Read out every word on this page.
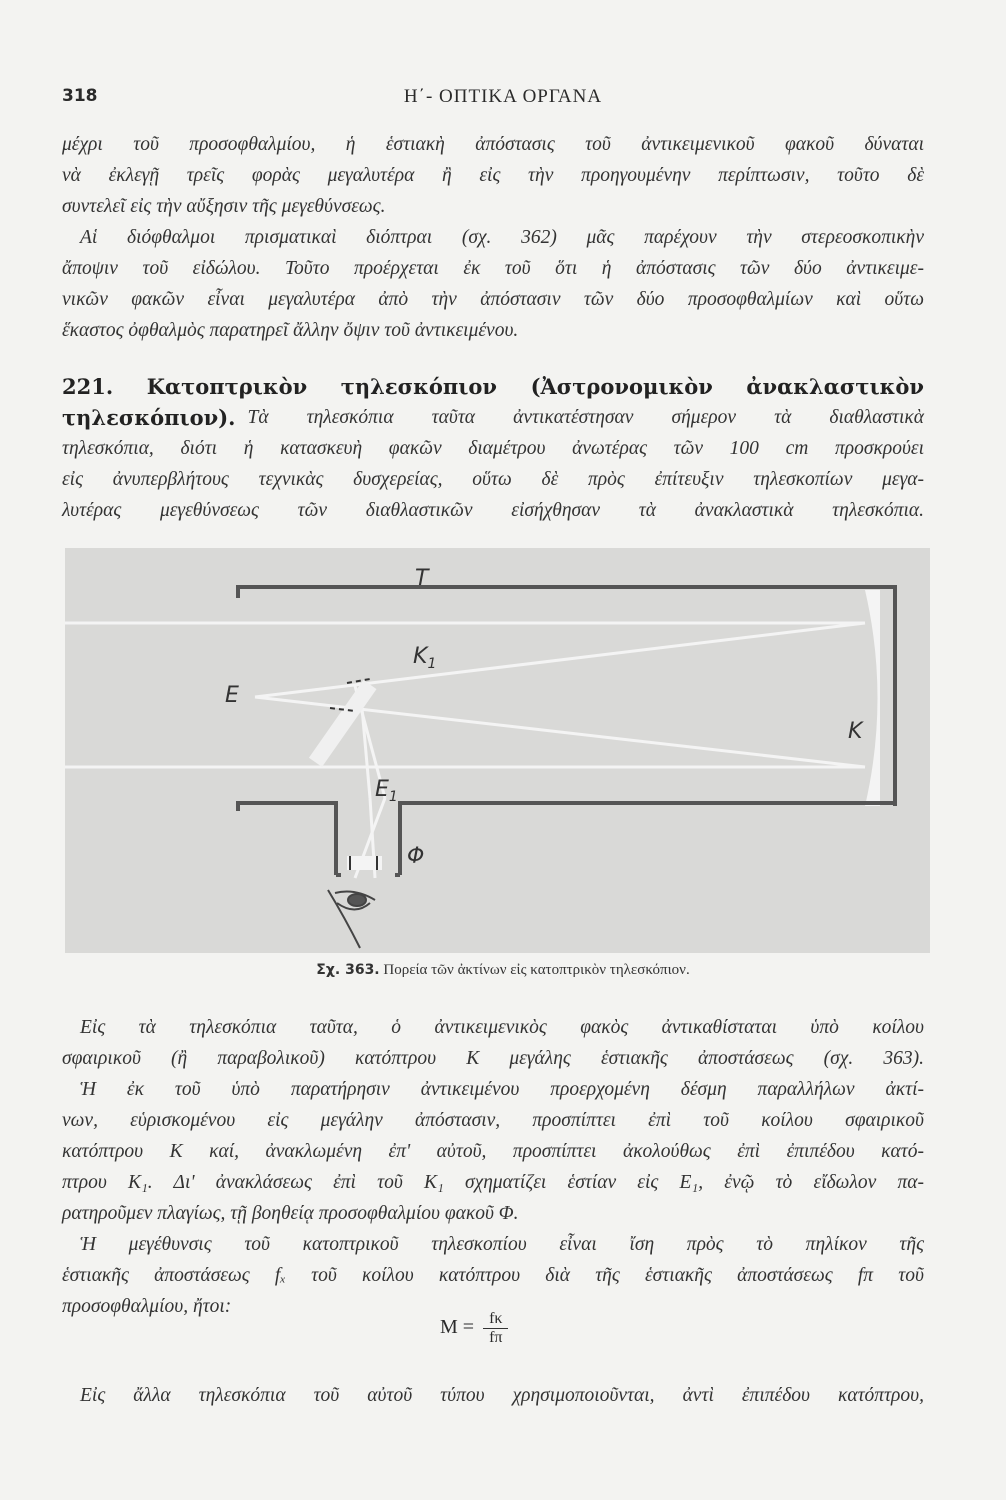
318	Η΄- ΟΠΤΙΚΑ ΟΡΓΑΝΑ
μέχρι τοῦ προσοφθαλμίου, ἡ ἑστιακὴ ἀπόστασις τοῦ ἀντικειμενικοῦ φακοῦ δύναται
νὰ ἐκλεγῇ τρεῖς φορὰς μεγαλυτέρα ἢ εἰς τὴν προηγουμένην περίπτωσιν, τοῦτο δὲ
συντελεῖ εἰς τὴν αὔξησιν τῆς μεγεθύνσεως.
Αἱ διόφθαλμοι πρισματικαὶ διόπτραι (σχ. 362) μᾶς παρέχουν τὴν στερεοσκοπικὴν
ἄποψιν τοῦ εἰδώλου. Τοῦτο προέρχεται ἐκ τοῦ ὅτι ἡ ἀπόστασις τῶν δύο ἀντικειμε-
νικῶν φακῶν εἶναι μεγαλυτέρα ἀπὸ τὴν ἀπόστασιν τῶν δύο προσοφθαλμίων καὶ οὕτω
ἕκαστος ὀφθαλμὸς παρατηρεῖ ἄλλην ὄψιν τοῦ ἀντικειμένου.
221. Κατοπτρικὸν τηλεσκόπιον (Ἀστρονομικὸν ἀνακλαστικὸν
τηλεσκόπιον). Τὰ τηλεσκόπια ταῦτα ἀντικατέστησαν σήμερον τὰ διαθλαστικὰ
τηλεσκόπια, διότι ἡ κατασκευὴ φακῶν διαμέτρου ἀνωτέρας τῶν 100 cm προσκρούει
εἰς ἀνυπερβλήτους τεχνικὰς δυσχερείας, οὕτω δὲ πρὸς ἐπίτευξιν τηλεσκοπίων μεγα-
λυτέρας μεγεθύνσεως τῶν διαθλαστικῶν εἰσήχθησαν τὰ ἀνακλαστικὰ τηλεσκόπια.
T
$K_1$
E
K
$E_1$
Φ
Σχ. 363. Πορεία τῶν ἀκτίνων εἰς κατοπτρικὸν τηλεσκόπιον.
Εἰς τὰ τηλεσκόπια ταῦτα, ὁ ἀντικειμενικὸς φακὸς ἀντικαθίσταται ὑπὸ κοίλου
σφαιρικοῦ (ἢ παραβολικοῦ) κατόπτρου Κ μεγάλης ἑστιακῆς ἀποστάσεως (σχ. 363).
Ἡ ἐκ τοῦ ὑπὸ παρατήρησιν ἀντικειμένου προερχομένη δέσμη παραλλήλων ἀκτί-
νων, εὑρισκομένου εἰς μεγάλην ἀπόστασιν, προσπίπτει ἐπὶ τοῦ κοίλου σφαιρικοῦ
κατόπτρου Κ καί, ἀνακλωμένη ἐπ' αὐτοῦ, προσπίπτει ἀκολούθως ἐπὶ ἐπιπέδου κατό-
πτρου Κ₁. Δι' ἀνακλάσεως ἐπὶ τοῦ Κ₁ σχηματίζει ἑστίαν εἰς Ε₁, ἐνῷ τὸ εἴδωλον πα-
ρατηροῦμεν πλαγίως, τῇ βοηθείᾳ προσοφθαλμίου φακοῦ Φ.
Ἡ μεγέθυνσις τοῦ κατοπτρικοῦ τηλεσκοπίου εἶναι ἴση πρὸς τὸ πηλίκον τῆς
ἑστιακῆς ἀποστάσεως fₓ τοῦ κοίλου κατόπτρου διὰ τῆς ἑστιακῆς ἀποστάσεως fπ τοῦ
προσοφθαλμίου, ἤτοι:
$M = \frac{f\kappa}{f\pi}$
Εἰς ἄλλα τηλεσκόπια τοῦ αὐτοῦ τύπου χρησιμοποιοῦνται, ἀντὶ ἐπιπέδου κατόπτρου,
